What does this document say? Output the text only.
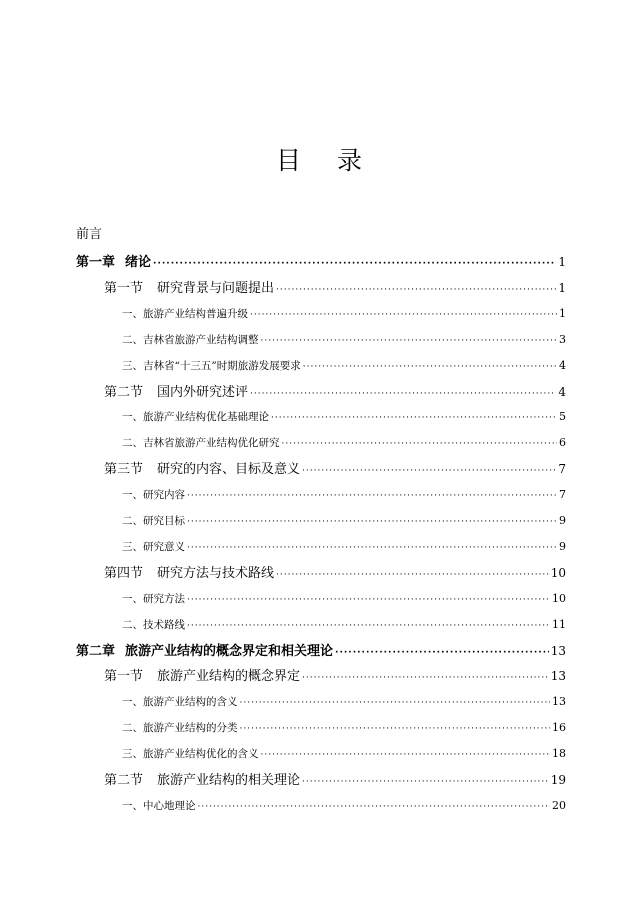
目 录
前言
第一章 绪论 ·····	1
第一节 研究背景与问题提出 ·····	1
一、旅游产业结构普遍升级 ·····	1
二、吉林省旅游产业结构调整 ·····	3
三、吉林省“十三五”时期旅游发展要求 ·····	4
第二节 国内外研究述评 ·····	4
一、旅游产业结构优化基础理论 ·····	5
二、吉林省旅游产业结构优化研究 ·····	6
第三节 研究的内容、目标及意义 ·····	7
一、研究内容 ·····	7
二、研究目标 ·····	9
三、研究意义 ·····	9
第四节 研究方法与技术路线 ·····	10
一、研究方法 ·····	10
二、技术路线 ·····	11
第二章 旅游产业结构的概念界定和相关理论 ·····	13
第一节 旅游产业结构的概念界定 ·····	13
一、旅游产业结构的含义 ·····	13
二、旅游产业结构的分类 ·····	16
三、旅游产业结构优化的含义 ·····	18
第二节 旅游产业结构的相关理论 ·····	19
一、中心地理论 ·····	20
